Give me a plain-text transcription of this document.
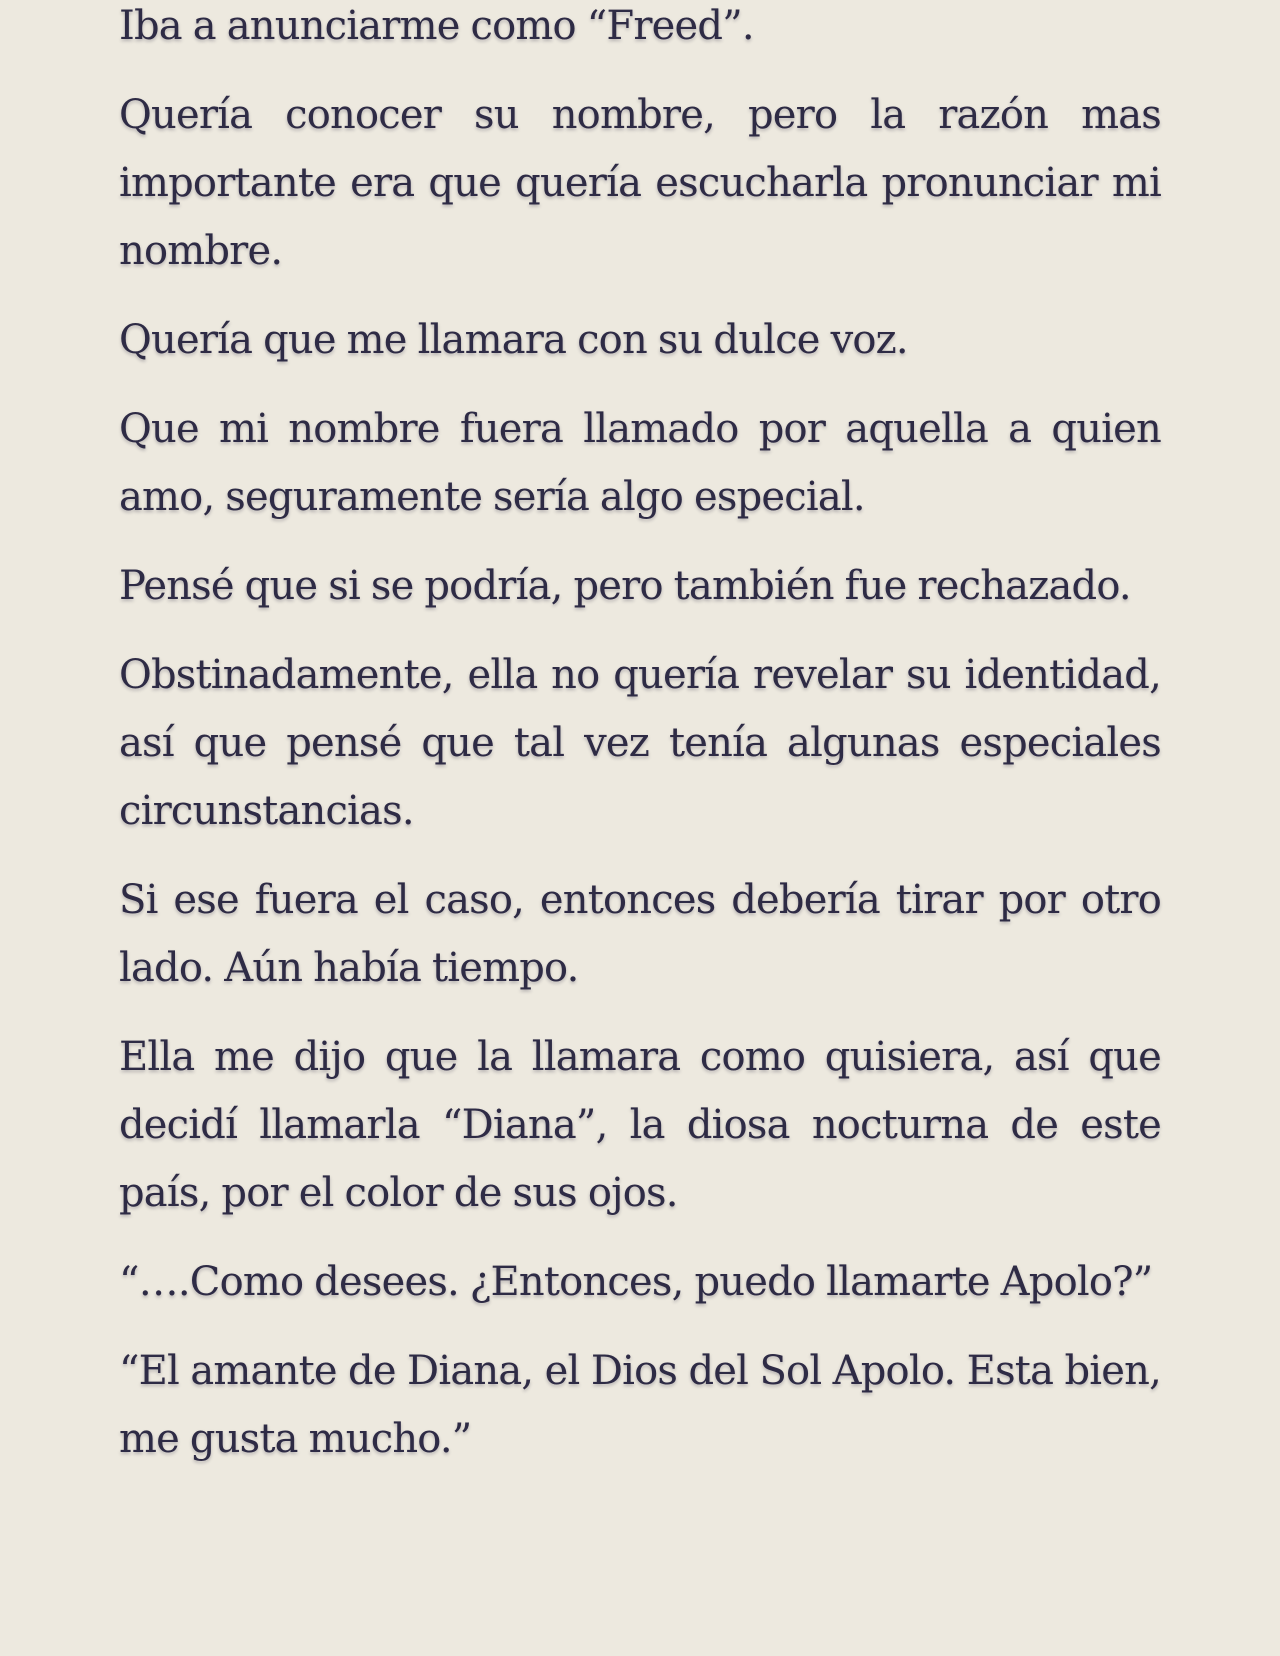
Iba a anunciarme como “Freed”.

Quería conocer su nombre, pero la razón mas importante era que quería escucharla pronunciar mi nombre.

Quería que me llamara con su dulce voz.

Que mi nombre fuera llamado por aquella a quien amo, seguramente sería algo especial.

Pensé que si se podría, pero también fue rechazado.

Obstinadamente, ella no quería revelar su identidad, así que pensé que tal vez tenía algunas especiales circunstancias.

Si ese fuera el caso, entonces debería tirar por otro lado. Aún había tiempo.

Ella me dijo que la llamara como quisiera, así que decidí llamarla “Diana”, la diosa nocturna de este país, por el color de sus ojos.

“….Como desees. ¿Entonces, puedo llamarte Apolo?”

“El amante de Diana, el Dios del Sol Apolo. Esta bien, me gusta mucho.”
